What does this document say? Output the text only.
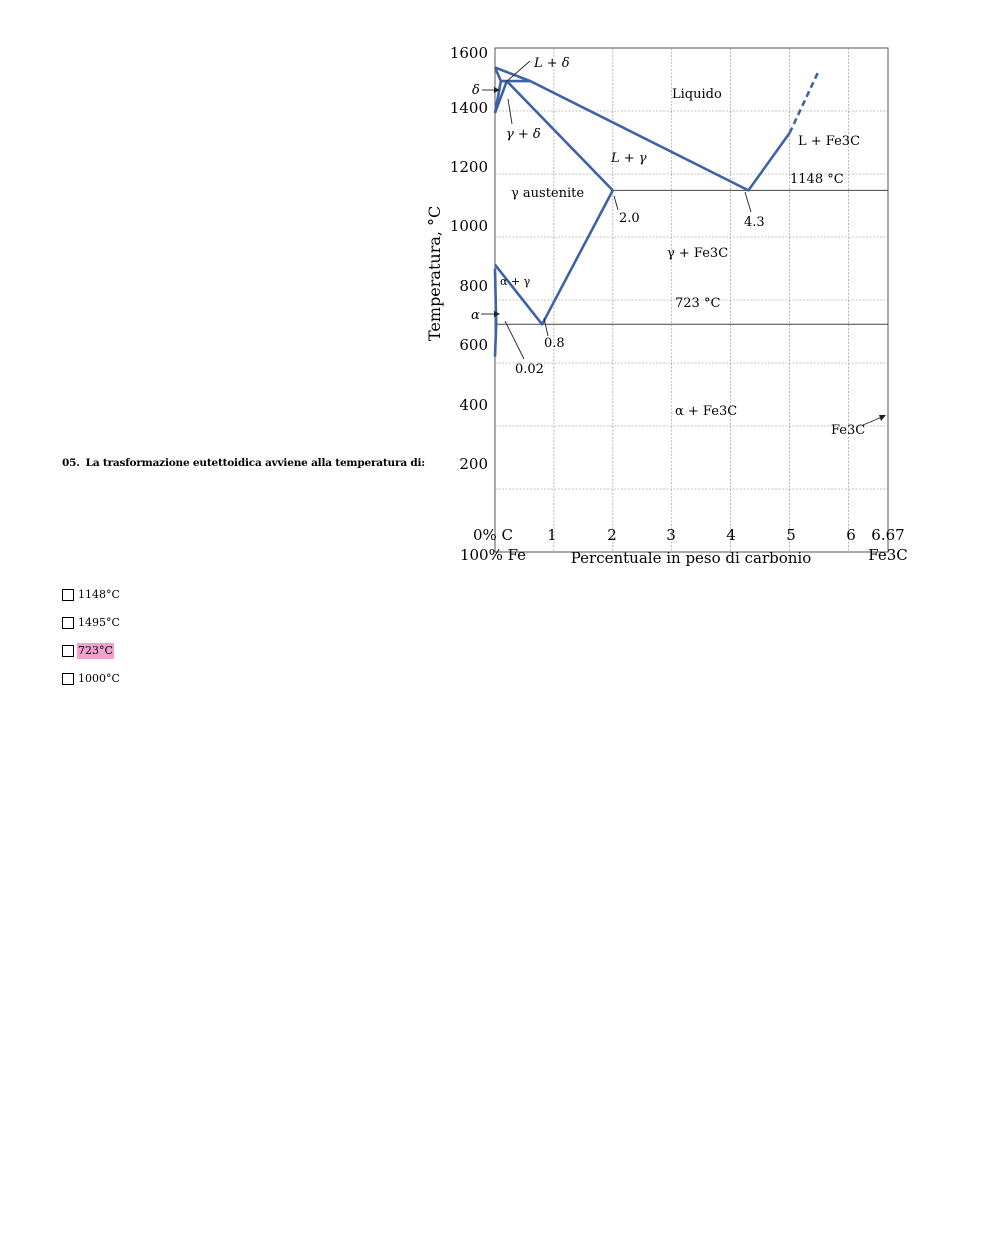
05. La trasformazione eutettoidica avviene alla temperatura di:
1600
1400
1200
1000
800
600
400
200
Temperatura, °C
0% C 1	2	3	4	5	6 6.67
100% Fe	Fe3C
Percentuale in peso di carbonio
1148 °C
723 °C
Liquido
L + δ
γ + δ
L + γ
L + Fe3C
γ austenite
γ + Fe3C
α + Fe3C
α + γ
2.0	4.3
0.8
0.02
δ
α
Fe3C
1148°C
1495°C
723°C
1000°C
